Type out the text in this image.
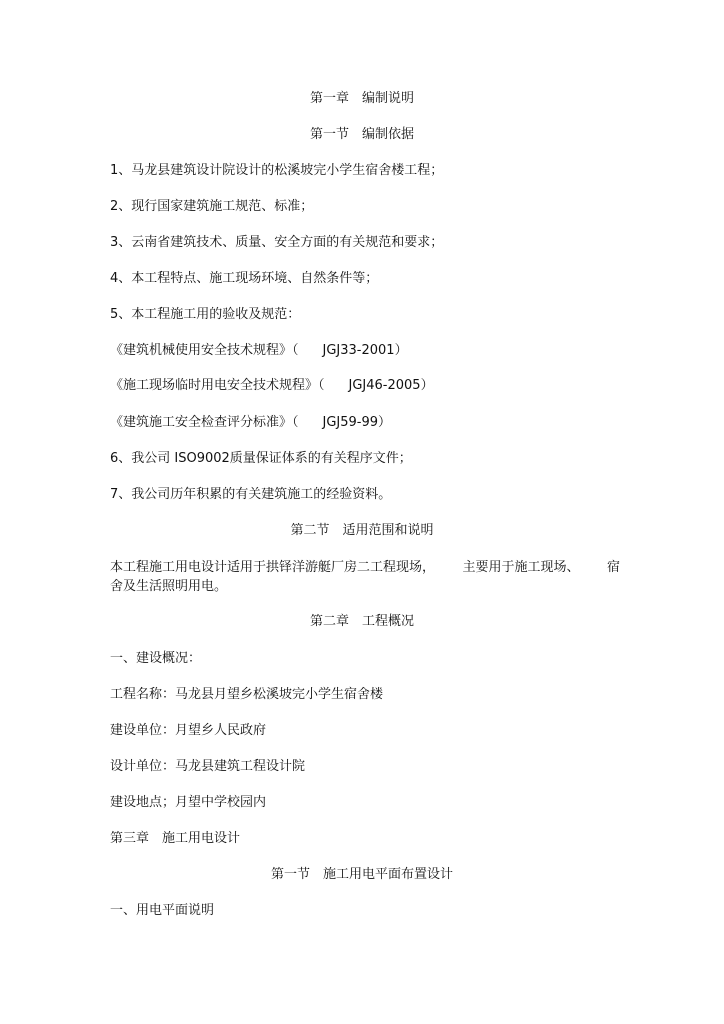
第一章　编制说明

第一节　编制依据

1、马龙县建筑设计院设计的松溪坡完小学生宿舍楼工程；

2、现行国家建筑施工规范、标准；

3、云南省建筑技术、质量、安全方面的有关规范和要求；

4、本工程特点、施工现场环境、自然条件等；

5、本工程施工用的验收及规范：

《建筑机械使用安全技术规程》（ JGJ33-2001）

《施工现场临时用电安全技术规程》（ JGJ46-2005）

《建筑施工安全检查评分标准》（ JGJ59-99）

6、我公司 ISO9002质量保证体系的有关程序文件；

7、我公司历年积累的有关建筑施工的经验资料。

第二节　适用范围和说明

本工程施工用电设计适用于拱铎洋游艇厂房二工程现场， 主要用于施工现场、 宿
舍及生活照明用电。

第二章　工程概况

一、建设概况：

工程名称：马龙县月望乡松溪坡完小学生宿舍楼

建设单位：月望乡人民政府

设计单位：马龙县建筑工程设计院

建设地点；月望中学校园内

第三章　施工用电设计

第一节　施工用电平面布置设计

一、用电平面说明
